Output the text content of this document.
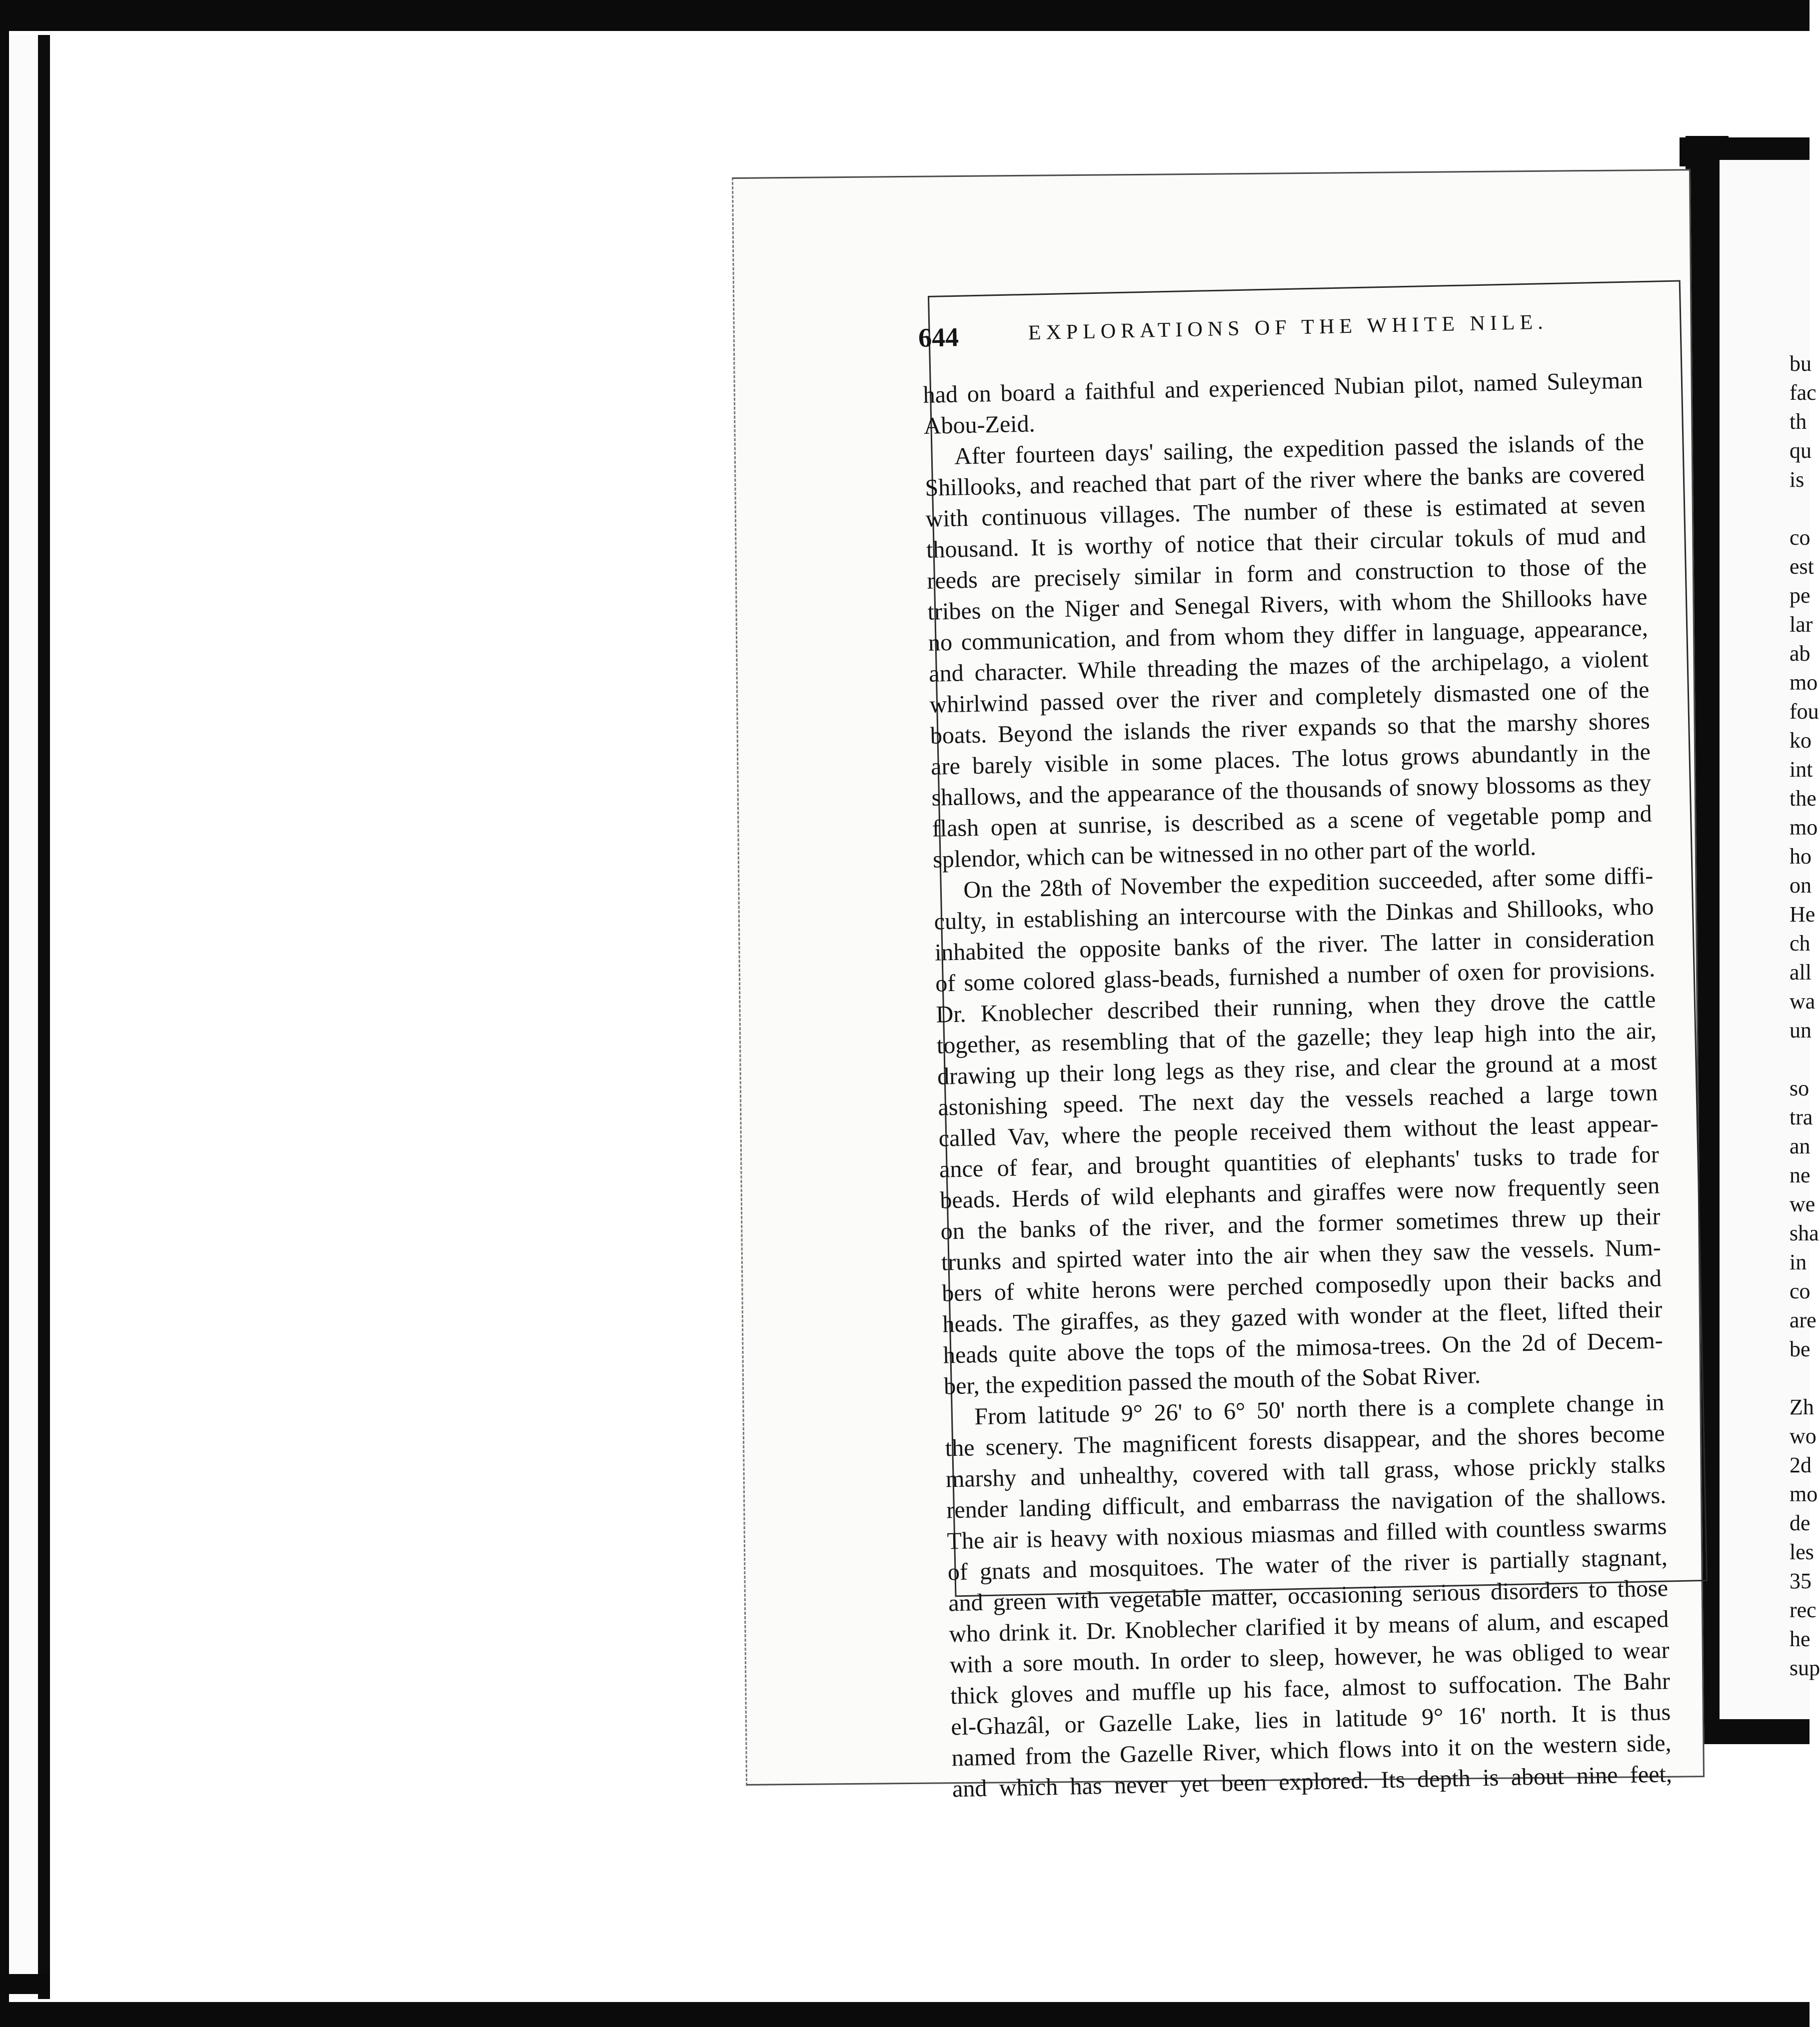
644	EXPLORATIONS OF THE WHITE NILE.
had on board a faithful and experienced Nubian pilot, named Suleyman
Abou-Zeid.
After fourteen days' sailing, the expedition passed the islands of the
Shillooks, and reached that part of the river where the banks are covered
with continuous villages. The number of these is estimated at seven
thousand. It is worthy of notice that their circular tokuls of mud and
reeds are precisely similar in form and construction to those of the
tribes on the Niger and Senegal Rivers, with whom the Shillooks have
no communication, and from whom they differ in language, appearance,
and character. While threading the mazes of the archipelago, a violent
whirlwind passed over the river and completely dismasted one of the
boats. Beyond the islands the river expands so that the marshy shores
are barely visible in some places. The lotus grows abundantly in the
shallows, and the appearance of the thousands of snowy blossoms as they
flash open at sunrise, is described as a scene of vegetable pomp and
splendor, which can be witnessed in no other part of the world.
On the 28th of November the expedition succeeded, after some diffi-
culty, in establishing an intercourse with the Dinkas and Shillooks, who
inhabited the opposite banks of the river. The latter in consideration
of some colored glass-beads, furnished a number of oxen for provisions.
Dr. Knoblecher described their running, when they drove the cattle
together, as resembling that of the gazelle; they leap high into the air,
drawing up their long legs as they rise, and clear the ground at a most
astonishing speed. The next day the vessels reached a large town
called Vav, where the people received them without the least appear-
ance of fear, and brought quantities of elephants' tusks to trade for
beads. Herds of wild elephants and giraffes were now frequently seen
on the banks of the river, and the former sometimes threw up their
trunks and spirted water into the air when they saw the vessels. Num-
bers of white herons were perched composedly upon their backs and
heads. The giraffes, as they gazed with wonder at the fleet, lifted their
heads quite above the tops of the mimosa-trees. On the 2d of Decem-
ber, the expedition passed the mouth of the Sobat River.
From latitude 9° 26' to 6° 50' north there is a complete change in
the scenery. The magnificent forests disappear, and the shores become
marshy and unhealthy, covered with tall grass, whose prickly stalks
render landing difficult, and embarrass the navigation of the shallows.
The air is heavy with noxious miasmas and filled with countless swarms
of gnats and mosquitoes. The water of the river is partially stagnant,
and green with vegetable matter, occasioning serious disorders to those
who drink it. Dr. Knoblecher clarified it by means of alum, and escaped
with a sore mouth. In order to sleep, however, he was obliged to wear
thick gloves and muffle up his face, almost to suffocation. The Bahr
el-Ghazâl, or Gazelle Lake, lies in latitude 9° 16' north. It is thus
named from the Gazelle River, which flows into it on the western side,
and which has never yet been explored. Its depth is about nine feet,
bu
fac
th
qu
is
co
est
pe
lar
ab
mo
fou
ko
int
the
mo
ho
on
He
ch
all
wa
un
so
tra
an
ne
we
sha
in
co
are
be
Zh
wo
2d
mo
de
les
35
rec
he
sup
